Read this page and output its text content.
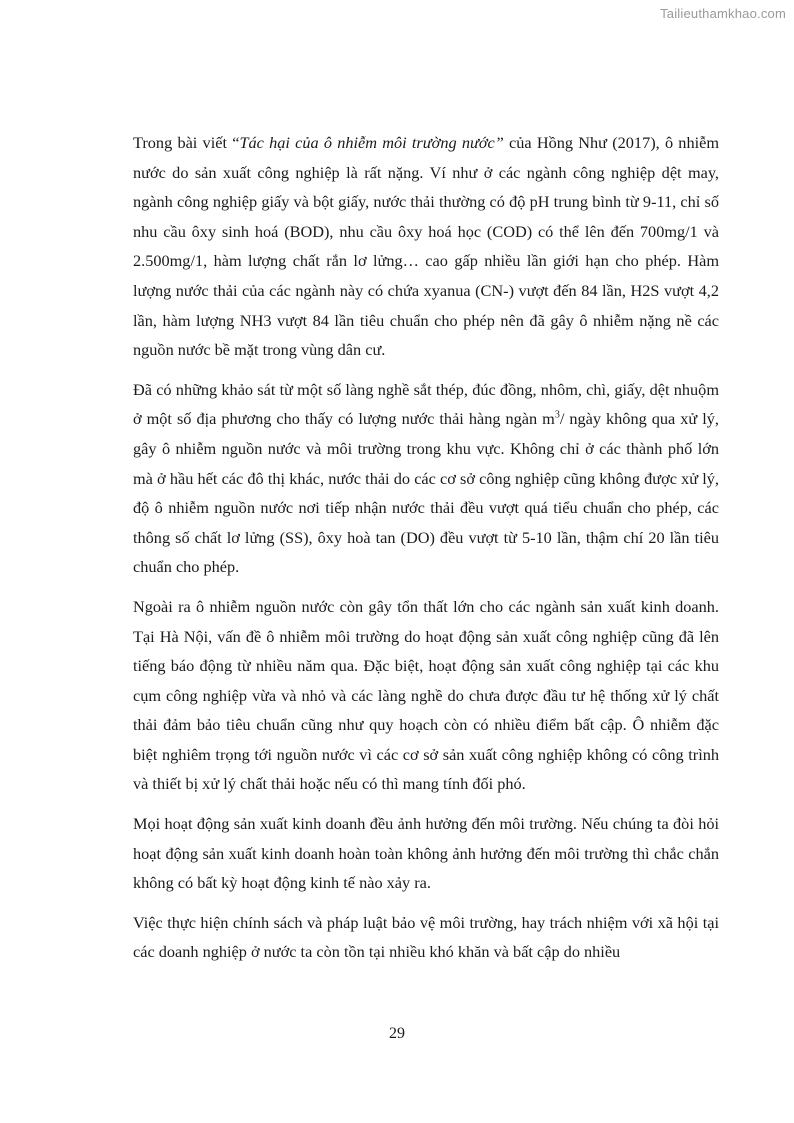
Tailieuthamkhao.com

Trong bài viết “Tác hại của ô nhiễm môi trường nước” của Hồng Như (2017), ô nhiễm nước do sản xuất công nghiệp là rất nặng. Ví như ở các ngành công nghiệp dệt may, ngành công nghiệp giấy và bột giấy, nước thải thường có độ pH trung bình từ 9-11, chỉ số nhu cầu ôxy sinh hoá (BOD), nhu cầu ôxy hoá học (COD) có thể lên đến 700mg/1 và 2.500mg/1, hàm lượng chất rắn lơ lửng… cao gấp nhiều lần giới hạn cho phép. Hàm lượng nước thải của các ngành này có chứa xyanua (CN-) vượt đến 84 lần, H2S vượt 4,2 lần, hàm lượng NH3 vượt 84 lần tiêu chuẩn cho phép nên đã gây ô nhiễm nặng nề các nguồn nước bề mặt trong vùng dân cư.

Đã có những khảo sát từ một số làng nghề sắt thép, đúc đồng, nhôm, chì, giấy, dệt nhuộm ở một số địa phương cho thấy có lượng nước thải hàng ngàn $m^3/$ ngày không qua xử lý, gây ô nhiễm nguồn nước và môi trường trong khu vực. Không chỉ ở các thành phố lớn mà ở hầu hết các đô thị khác, nước thải do các cơ sở công nghiệp cũng không được xử lý, độ ô nhiễm nguồn nước nơi tiếp nhận nước thải đều vượt quá tiểu chuẩn cho phép, các thông số chất lơ lửng (SS), ôxy hoà tan (DO) đều vượt từ 5-10 lần, thậm chí 20 lần tiêu chuẩn cho phép.

Ngoài ra ô nhiễm nguồn nước còn gây tổn thất lớn cho các ngành sản xuất kinh doanh. Tại Hà Nội, vấn đề ô nhiễm môi trường do hoạt động sản xuất công nghiệp cũng đã lên tiếng báo động từ nhiều năm qua. Đặc biệt, hoạt động sản xuất công nghiệp tại các khu cụm công nghiệp vừa và nhỏ và các làng nghề do chưa được đầu tư hệ thống xử lý chất thải đảm bảo tiêu chuẩn cũng như quy hoạch còn có nhiều điểm bất cập. Ô nhiễm đặc biệt nghiêm trọng tới nguồn nước vì các cơ sở sản xuất công nghiệp không có công trình và thiết bị xử lý chất thải hoặc nếu có thì mang tính đối phó.

Mọi hoạt động sản xuất kinh doanh đều ảnh hưởng đến môi trường. Nếu chúng ta đòi hỏi hoạt động sản xuất kinh doanh hoàn toàn không ảnh hưởng đến môi trường thì chắc chắn không có bất kỳ hoạt động kinh tế nào xảy ra.

Việc thực hiện chính sách và pháp luật bảo vệ môi trường, hay trách nhiệm với xã hội tại các doanh nghiệp ở nước ta còn tồn tại nhiều khó khăn và bất cập do nhiều

29
